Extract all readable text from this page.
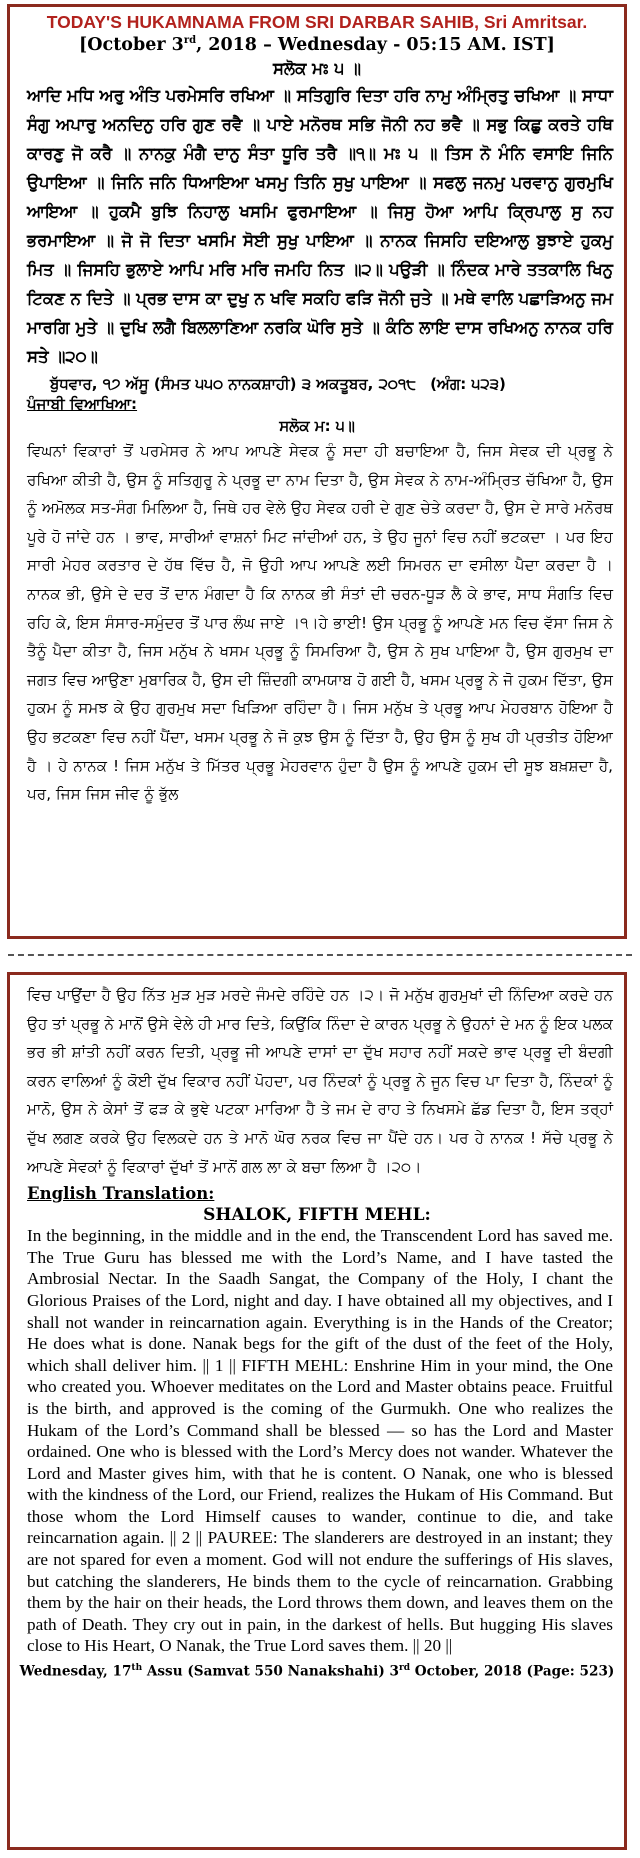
TODAY'S HUKAMNAMA FROM SRI DARBAR SAHIB, Sri Amritsar.
[October 3rd, 2018 – Wednesday - 05:15 AM. IST]
ਸਲੋਕ ਮਃ ੫ ॥
ਆਦਿ ਮਧਿ ਅਰੁ ਅੰਤਿ ਪਰਮੇਸਰਿ ਰਖਿਆ ॥ ਸਤਿਗੁਰਿ ਦਿਤਾ ਹਰਿ ਨਾਮੁ ਅੰਮ੍ਰਿਤੁ ਚਖਿਆ ॥ ਸਾਧਾ ਸੰਗੁ ਅਪਾਰੁ ਅਨਦਿਨੁ ਹਰਿ ਗੁਣ ਰਵੈ ॥ ਪਾਏ ਮਨੋਰਥ ਸਭਿ ਜੋਨੀ ਨਹ ਭਵੈ ॥ ਸਭੁ ਕਿਛੁ ਕਰਤੇ ਹਥਿ ਕਾਰਣੁ ਜੋ ਕਰੈ ॥ ਨਾਨਕੁ ਮੰਗੈ ਦਾਨੁ ਸੰਤਾ ਧੂਰਿ ਤਰੈ ॥੧॥ ਮਃ ੫ ॥ ਤਿਸ ਨੋ ਮੰਨਿ ਵਸਾਇ ਜਿਨਿ ਉਪਾਇਆ ॥ ਜਿਨਿ ਜਨਿ ਧਿਆਇਆ ਖਸਮੁ ਤਿਨਿ ਸੁਖੁ ਪਾਇਆ ॥ ਸਫਲੁ ਜਨਮੁ ਪਰਵਾਨੁ ਗੁਰਮੁਖਿ ਆਇਆ ॥ ਹੁਕਮੈ ਬੁਝਿ ਨਿਹਾਲੁ ਖਸਮਿ ਫੁਰਮਾਇਆ ॥ ਜਿਸੁ ਹੋਆ ਆਪਿ ਕ੍ਰਿਪਾਲੁ ਸੁ ਨਹ ਭਰਮਾਇਆ ॥ ਜੋ ਜੋ ਦਿਤਾ ਖਸਮਿ ਸੋਈ ਸੁਖੁ ਪਾਇਆ ॥ ਨਾਨਕ ਜਿਸਹਿ ਦਇਆਲੁ ਬੁਝਾਏ ਹੁਕਮੁ ਮਿਤ ॥ ਜਿਸਹਿ ਭੁਲਾਏ ਆਪਿ ਮਰਿ ਮਰਿ ਜਮਹਿ ਨਿਤ ॥੨॥ ਪਉੜੀ ॥ ਨਿੰਦਕ ਮਾਰੇ ਤਤਕਾਲਿ ਖਿਨੁ ਟਿਕਣ ਨ ਦਿਤੇ ॥ ਪ੍ਰਭ ਦਾਸ ਕਾ ਦੁਖੁ ਨ ਖਵਿ ਸਕਹਿ ਫੜਿ ਜੋਨੀ ਜੁਤੇ ॥ ਮਥੇ ਵਾਲਿ ਪਛਾੜਿਅਨੁ ਜਮ ਮਾਰਗਿ ਮੁਤੇ ॥ ਦੁਖਿ ਲਗੈ ਬਿਲਲਾਣਿਆ ਨਰਕਿ ਘੋਰਿ ਸੁਤੇ ॥ ਕੰਠਿ ਲਾਇ ਦਾਸ ਰਖਿਅਨੁ ਨਾਨਕ ਹਰਿ ਸਤੇ ॥੨੦॥
ਬੁੱਧਵਾਰ, ੧੭ ਅੱਸੂ (ਸੰਮਤ ੫੫੦ ਨਾਨਕਸ਼ਾਹੀ) ੩ ਅਕਤੂਬਰ, ੨੦੧੮ (ਅੰਗ: ੫੨੩)
ਪੰਜਾਬੀ ਵਿਆਖਿਆ:
ਸਲੋਕ ਮ: ੫॥
ਵਿਘਨਾਂ ਵਿਕਾਰਾਂ ਤੋਂ ਪਰਮੇਸਰ ਨੇ ਆਪ ਆਪਣੇ ਸੇਵਕ ਨੂੰ ਸਦਾ ਹੀ ਬਚਾਇਆ ਹੈ, ਜਿਸ ਸੇਵਕ ਦੀ ਪ੍ਰਭੂ ਨੇ ਰਖਿਆ ਕੀਤੀ ਹੈ, ਉਸ ਨੂੰ ਸਤਿਗੁਰੂ ਨੇ ਪ੍ਰਭੂ ਦਾ ਨਾਮ ਦਿਤਾ ਹੈ, ਉਸ ਸੇਵਕ ਨੇ ਨਾਮ-ਅੰਮ੍ਰਿਤ ਚੱਖਿਆ ਹੈ, ਉਸ ਨੂੰ ਅਮੋਲਕ ਸਤ-ਸੰਗ ਮਿਲਿਆ ਹੈ, ਜਿਥੇ ਹਰ ਵੇਲੇ ਉਹ ਸੇਵਕ ਹਰੀ ਦੇ ਗੁਣ ਚੇਤੇ ਕਰਦਾ ਹੈ, ਉਸ ਦੇ ਸਾਰੇ ਮਨੋਰਥ ਪੂਰੇ ਹੋ ਜਾਂਦੇ ਹਨ । ਭਾਵ, ਸਾਰੀਆਂ ਵਾਸ਼ਨਾਂ ਮਿਟ ਜਾਂਦੀਆਂ ਹਨ, ਤੇ ਉਹ ਜੂਨਾਂ ਵਿਚ ਨਹੀਂ ਭਟਕਦਾ । ਪਰ ਇਹ ਸਾਰੀ ਮੇਹਰ ਕਰਤਾਰ ਦੇ ਹੱਥ ਵਿੱਚ ਹੈ, ਜੋ ਉਹੀ ਆਪ ਆਪਣੇ ਲਈ ਸਿਮਰਨ ਦਾ ਵਸੀਲਾ ਪੈਦਾ ਕਰਦਾ ਹੈ । ਨਾਨਕ ਭੀ, ਉਸੇ ਦੇ ਦਰ ਤੋਂ ਦਾਨ ਮੰਗਦਾ ਹੈ ਕਿ ਨਾਨਕ ਭੀ ਸੰਤਾਂ ਦੀ ਚਰਨ-ਧੂੜ ਲੈ ਕੇ ਭਾਵ, ਸਾਧ ਸੰਗਤਿ ਵਿਚ ਰਹਿ ਕੇ, ਇਸ ਸੰਸਾਰ-ਸਮੁੰਦਰ ਤੋਂ ਪਾਰ ਲੰਘ ਜਾਏ ।੧।ਹੇ ਭਾਈ! ਉਸ ਪ੍ਰਭੂ ਨੂੰ ਆਪਣੇ ਮਨ ਵਿਚ ਵੱਸਾ ਜਿਸ ਨੇ ਤੈਨੂੰ ਪੈਦਾ ਕੀਤਾ ਹੈ, ਜਿਸ ਮਨੁੱਖ ਨੇ ਖਸਮ ਪ੍ਰਭੂ ਨੂੰ ਸਿਮਰਿਆ ਹੈ, ਉਸ ਨੇ ਸੁਖ ਪਾਇਆ ਹੈ, ਉਸ ਗੁਰਮੁਖ ਦਾ ਜਗਤ ਵਿਚ ਆਉਣਾ ਮੁਬਾਰਿਕ ਹੈ, ਉਸ ਦੀ ਜ਼ਿੰਦਗੀ ਕਾਮਯਾਬ ਹੋ ਗਈ ਹੈ, ਖਸਮ ਪ੍ਰਭੂ ਨੇ ਜੋ ਹੁਕਮ ਦਿੱਤਾ, ਉਸ ਹੁਕਮ ਨੂੰ ਸਮਝ ਕੇ ਉਹ ਗੁਰਮੁਖ ਸਦਾ ਖਿੜਿਆ ਰਹਿੰਦਾ ਹੈ। ਜਿਸ ਮਨੁੱਖ ਤੇ ਪ੍ਰਭੂ ਆਪ ਮੇਹਰਬਾਨ ਹੋਇਆ ਹੈ ਉਹ ਭਟਕਣਾ ਵਿਚ ਨਹੀਂ ਪੈਂਦਾ, ਖਸਮ ਪ੍ਰਭੂ ਨੇ ਜੋ ਕੁਝ ਉਸ ਨੂੰ ਦਿੱਤਾ ਹੈ, ਉਹ ਉਸ ਨੂੰ ਸੁਖ ਹੀ ਪ੍ਰਤੀਤ ਹੋਇਆ ਹੈ । ਹੇ ਨਾਨਕ ! ਜਿਸ ਮਨੁੱਖ ਤੇ ਮਿੱਤਰ ਪ੍ਰਭੂ ਮੇਹਰਵਾਨ ਹੁੰਦਾ ਹੈ ਉਸ ਨੂੰ ਆਪਣੇ ਹੁਕਮ ਦੀ ਸੂਝ ਬਖ਼ਸ਼ਦਾ ਹੈ, ਪਰ, ਜਿਸ ਜਿਸ ਜੀਵ ਨੂੰ ਭੁੱਲ
ਵਿਚ ਪਾਉਂਦਾ ਹੈ ਉਹ ਨਿੱਤ ਮੁੜ ਮੁੜ ਮਰਦੇ ਜੰਮਦੇ ਰਹਿੰਦੇ ਹਨ ।੨। ਜੋ ਮਨੁੱਖ ਗੁਰਮੁਖਾਂ ਦੀ ਨਿੰਦਿਆ ਕਰਦੇ ਹਨ ਉਹ ਤਾਂ ਪ੍ਰਭੂ ਨੇ ਮਾਨੋਂ ਉਸੇ ਵੇਲੇ ਹੀ ਮਾਰ ਦਿਤੇ, ਕਿਉਂਕਿ ਨਿੰਦਾ ਦੇ ਕਾਰਨ ਪ੍ਰਭੂ ਨੇ ਉਹਨਾਂ ਦੇ ਮਨ ਨੂੰ ਇਕ ਪਲਕ ਭਰ ਭੀ ਸ਼ਾਂਤੀ ਨਹੀਂ ਕਰਨ ਦਿਤੀ, ਪ੍ਰਭੂ ਜੀ ਆਪਣੇ ਦਾਸਾਂ ਦਾ ਦੁੱਖ ਸਹਾਰ ਨਹੀਂ ਸਕਦੇ ਭਾਵ ਪ੍ਰਭੂ ਦੀ ਬੰਦਗੀ ਕਰਨ ਵਾਲਿਆਂ ਨੂੰ ਕੋਈ ਦੁੱਖ ਵਿਕਾਰ ਨਹੀਂ ਪੋਹਦਾ, ਪਰ ਨਿੰਦਕਾਂ ਨੂੰ ਪ੍ਰਭੂ ਨੇ ਜੂਨ ਵਿਚ ਪਾ ਦਿਤਾ ਹੈ, ਨਿੰਦਕਾਂ ਨੂੰ ਮਾਨੋ, ਉਸ ਨੇ ਕੇਸਾਂ ਤੋਂ ਫੜ ਕੇ ਭੁਞੇ ਪਟਕਾ ਮਾਰਿਆ ਹੈ ਤੇ ਜਮ ਦੇ ਰਾਹ ਤੇ ਨਿਖਸਮੇ ਛੱਡ ਦਿਤਾ ਹੈ, ਇਸ ਤਰ੍ਹਾਂ ਦੁੱਖ ਲਗਣ ਕਰਕੇ ਉਹ ਵਿਲਕਦੇ ਹਨ ਤੇ ਮਾਨੋ ਘੋਰ ਨਰਕ ਵਿਚ ਜਾ ਪੈਂਦੇ ਹਨ। ਪਰ ਹੇ ਨਾਨਕ ! ਸੱਚੇ ਪ੍ਰਭੂ ਨੇ ਆਪਣੇ ਸੇਵਕਾਂ ਨੂੰ ਵਿਕਾਰਾਂ ਦੁੱਖਾਂ ਤੋਂ ਮਾਨੋਂ ਗਲ ਲਾ ਕੇ ਬਚਾ ਲਿਆ ਹੈ ।੨੦।
English Translation:
SHALOK, FIFTH MEHL:
In the beginning, in the middle and in the end, the Transcendent Lord has saved me. The True Guru has blessed me with the Lord’s Name, and I have tasted the Ambrosial Nectar. In the Saadh Sangat, the Company of the Holy, I chant the Glorious Praises of the Lord, night and day. I have obtained all my objectives, and I shall not wander in reincarnation again. Everything is in the Hands of the Creator; He does what is done. Nanak begs for the gift of the dust of the feet of the Holy, which shall deliver him. || 1 || FIFTH MEHL: Enshrine Him in your mind, the One who created you. Whoever meditates on the Lord and Master obtains peace. Fruitful is the birth, and approved is the coming of the Gurmukh. One who realizes the Hukam of the Lord’s Command shall be blessed — so has the Lord and Master ordained. One who is blessed with the Lord’s Mercy does not wander. Whatever the Lord and Master gives him, with that he is content. O Nanak, one who is blessed with the kindness of the Lord, our Friend, realizes the Hukam of His Command. But those whom the Lord Himself causes to wander, continue to die, and take reincarnation again. || 2 || PAUREE: The slanderers are destroyed in an instant; they are not spared for even a moment. God will not endure the sufferings of His slaves, but catching the slanderers, He binds them to the cycle of reincarnation. Grabbing them by the hair on their heads, the Lord throws them down, and leaves them on the path of Death. They cry out in pain, in the darkest of hells. But hugging His slaves close to His Heart, O Nanak, the True Lord saves them. || 20 ||
Wednesday, 17th Assu (Samvat 550 Nanakshahi) 3rd October, 2018 (Page: 523)
